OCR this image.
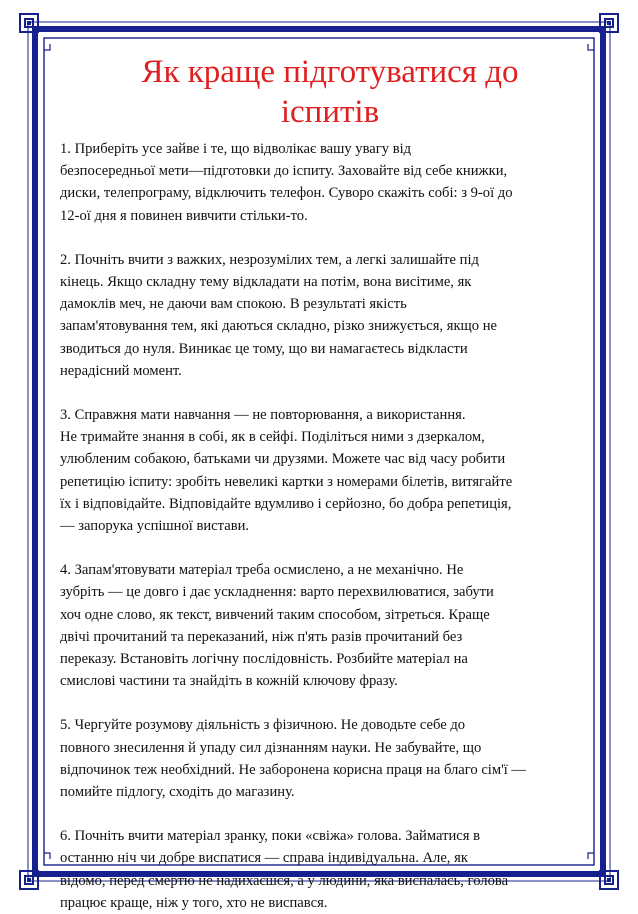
Як краще підготуватися до
іспитів
1. Приберіть усе зайве і те, що відволікає вашу увагу від
безпосередньої мети—підготовки до іспиту. Заховайте від себе книжки,
диски, телепрограму, відключить телефон. Суворо скажіть собі: з 9-ої до
12-ої дня я повинен вивчити стільки-то.
2. Почніть вчити з важких, незрозумілих тем, а легкі залишайте під
кінець. Якщо складну тему відкладати на потім, вона висітиме, як
дамоклів меч, не даючи вам спокою. В результаті якість
запам'ятовування тем, які даються складно, різко знижується, якщо не
зводиться до нуля. Виникає це тому, що ви намагаєтесь відкласти
нерадісний момент.
3. Справжня мати навчання — не повторювання, а використання.
Не тримайте знання в собі, як в сейфі. Поділіться ними з дзеркалом,
улюбленим собакою, батьками чи друзями. Можете час від часу робити
репетицію іспиту: зробіть невеликі картки з номерами білетів, витягайте
їх і відповідайте. Відповідайте вдумливо і серйозно, бо добра репетиція,
— запорука успішної вистави.
4. Запам'ятовувати матеріал треба осмислено, а не механічно. Не
зубріть — це довго і дає ускладнення: варто перехвилюватися, забути
хоч одне слово, як текст, вивчений таким способом, зітреться. Краще
двічі прочитаний та переказаний, ніж п'ять разів прочитаний без
переказу. Встановіть логічну послідовність. Розбийте матеріал на
смислові частини та знайдіть в кожній ключову фразу.
5. Чергуйте розумову діяльність з фізичною. Не доводьте себе до
повного знесилення й упаду сил дізнанням науки. Не забувайте, що
відпочинок теж необхідний. Не заборонена корисна праця на благо сім'ї —
помийте підлогу, сходіть до магазину.
6. Почніть вчити матеріал зранку, поки «свіжа» голова. Займатися в
останню ніч чи добре виспатися — справа індивідуальна. Але, як
відомо, перед смертю не надихаєшся, а у людини, яка виспалась, голова
працює краще, ніж у того, хто не виспався.
